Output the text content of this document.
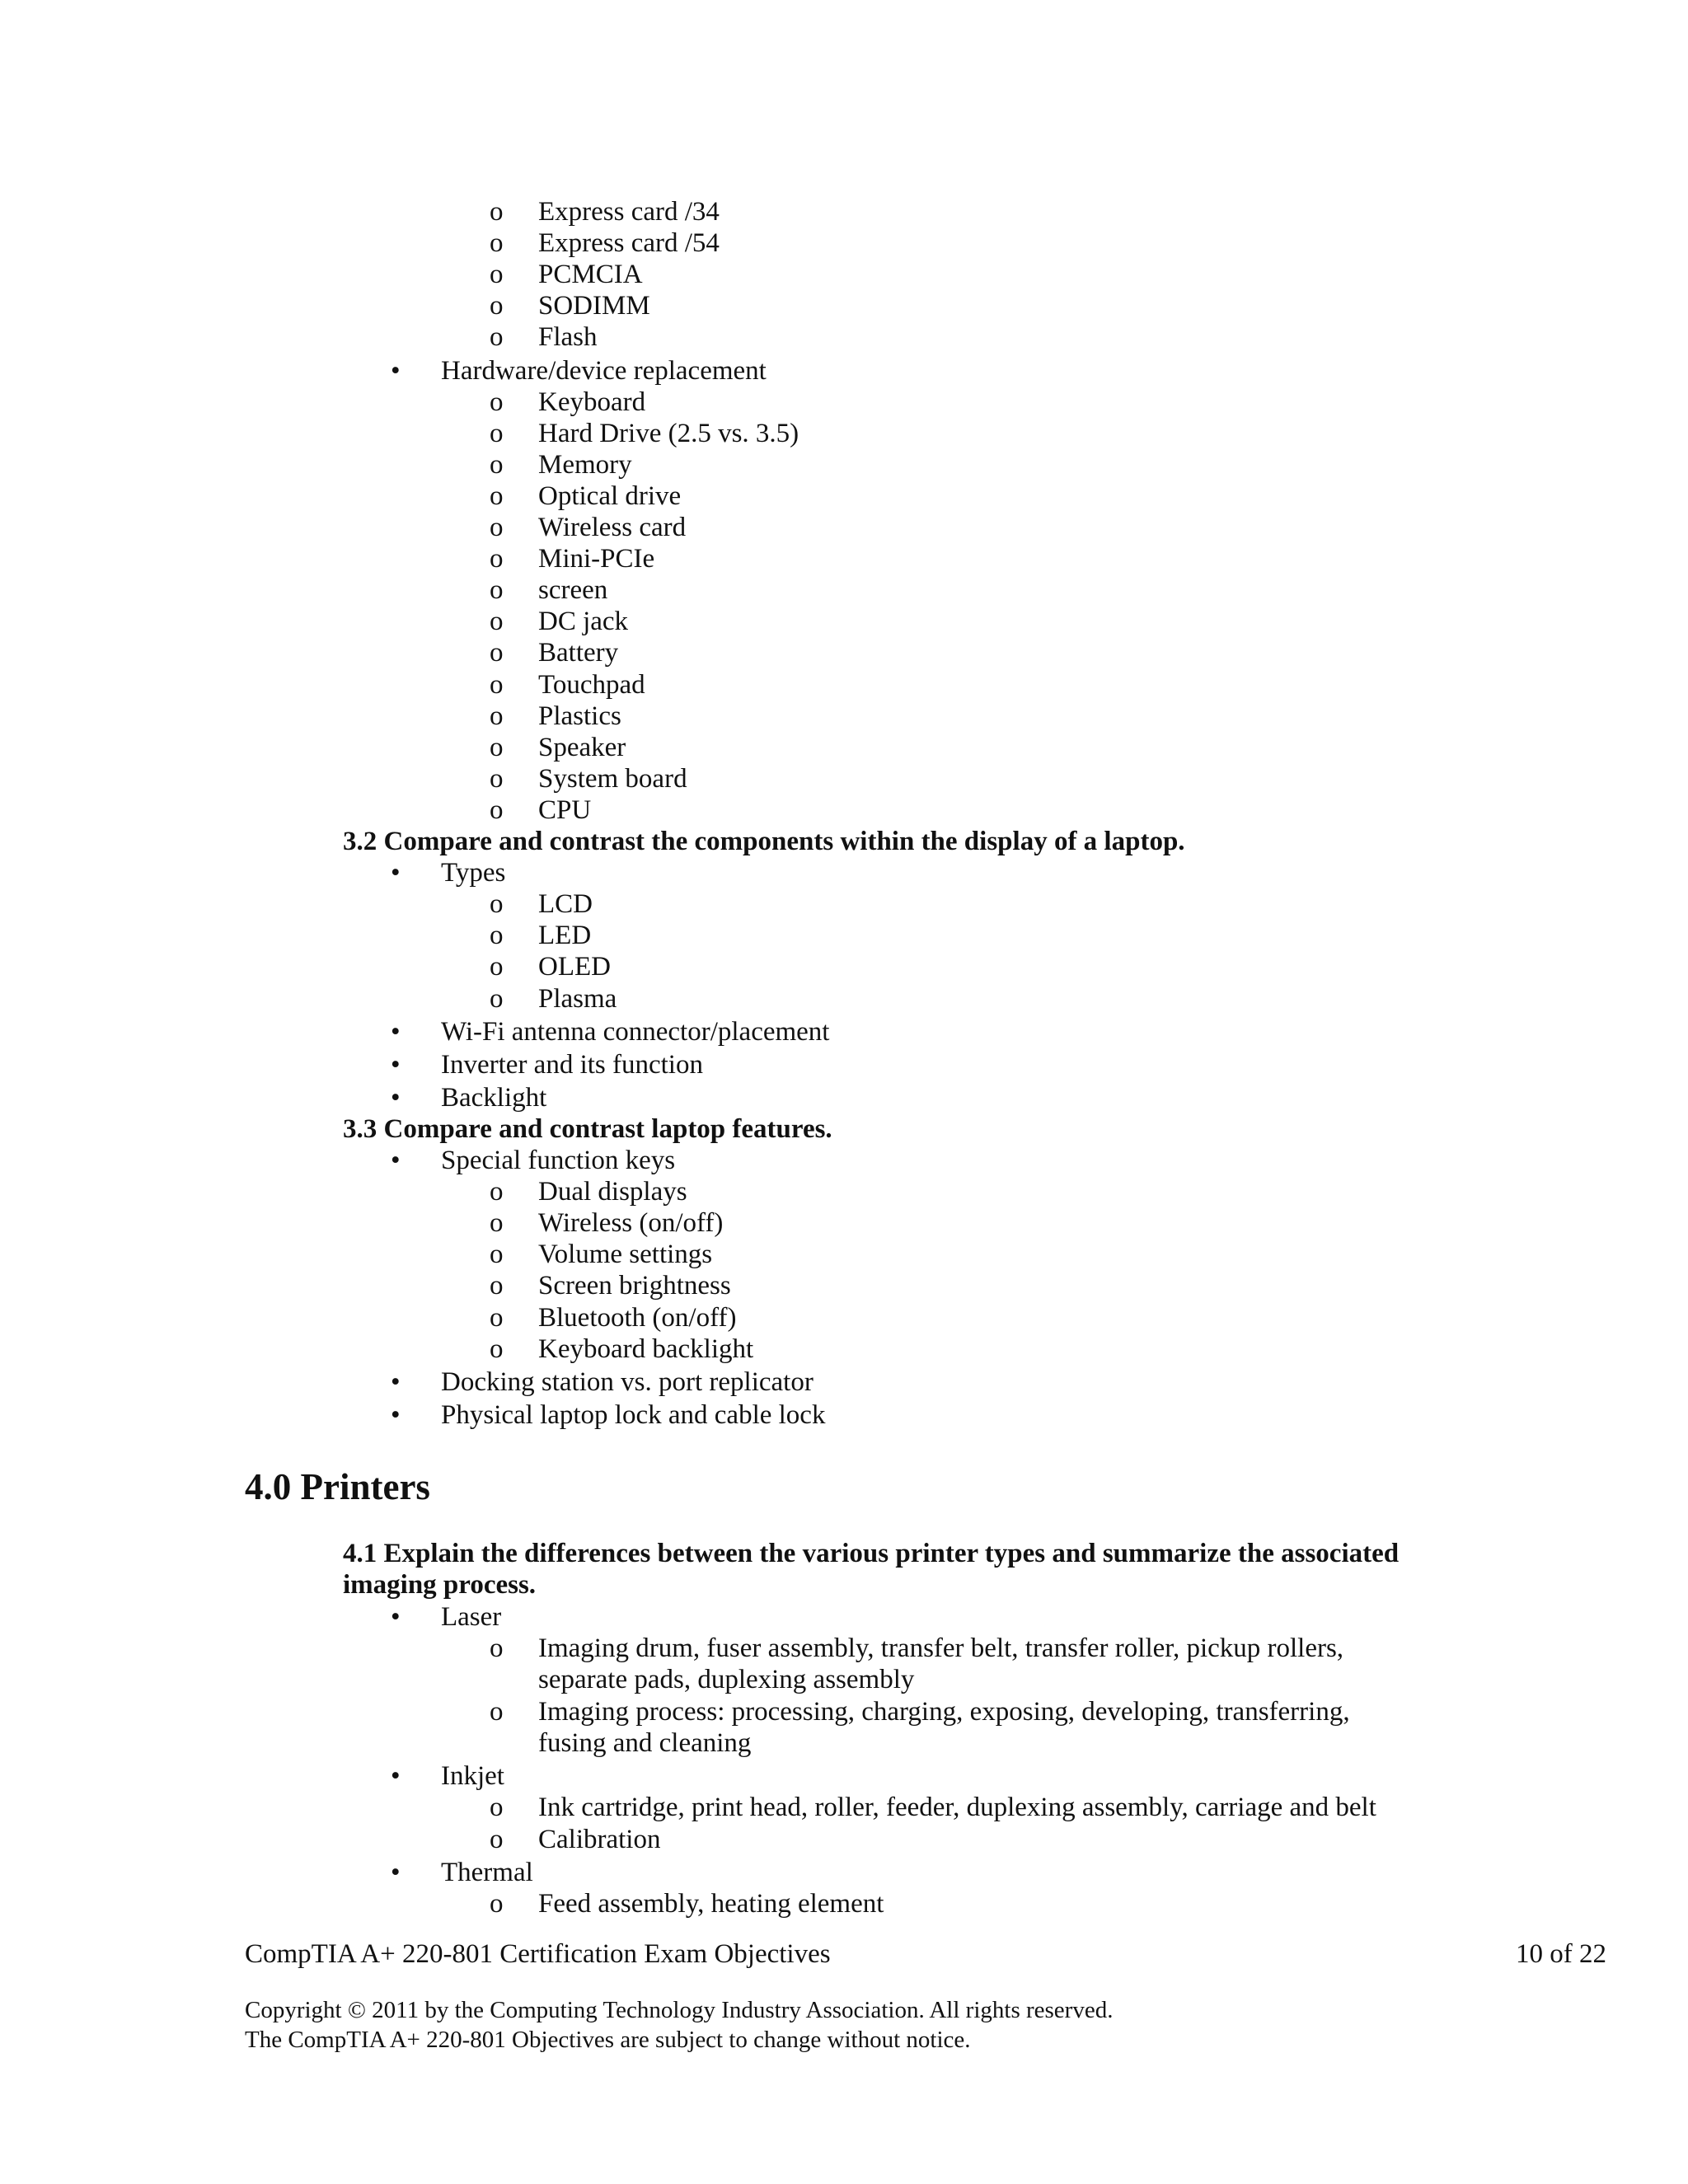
o Express card /34
o Express card /54
o PCMCIA
o SODIMM
o Flash
• Hardware/device replacement
o Keyboard
o Hard Drive (2.5 vs. 3.5)
o Memory
o Optical drive
o Wireless card
o Mini-PCIe
o screen
o DC jack
o Battery
o Touchpad
o Plastics
o Speaker
o System board
o CPU
3.2 Compare and contrast the components within the display of a laptop.
• Types
o LCD
o LED
o OLED
o Plasma
• Wi-Fi antenna connector/placement
• Inverter and its function
• Backlight
3.3 Compare and contrast laptop features.
• Special function keys
o Dual displays
o Wireless (on/off)
o Volume settings
o Screen brightness
o Bluetooth (on/off)
o Keyboard backlight
• Docking station vs. port replicator
• Physical laptop lock and cable lock
4.0 Printers
4.1 Explain the differences between the various printer types and summarize the associated
imaging process.
• Laser
o Imaging drum, fuser assembly, transfer belt, transfer roller, pickup rollers,
separate pads, duplexing assembly
o Imaging process: processing, charging, exposing, developing, transferring,
fusing and cleaning
• Inkjet
o Ink cartridge, print head, roller, feeder, duplexing assembly, carriage and belt
o Calibration
• Thermal
o Feed assembly, heating element
CompTIA A+ 220-801 Certification Exam Objectives	10 of 22
Copyright © 2011 by the Computing Technology Industry Association. All rights reserved.
The CompTIA A+ 220-801 Objectives are subject to change without notice.
